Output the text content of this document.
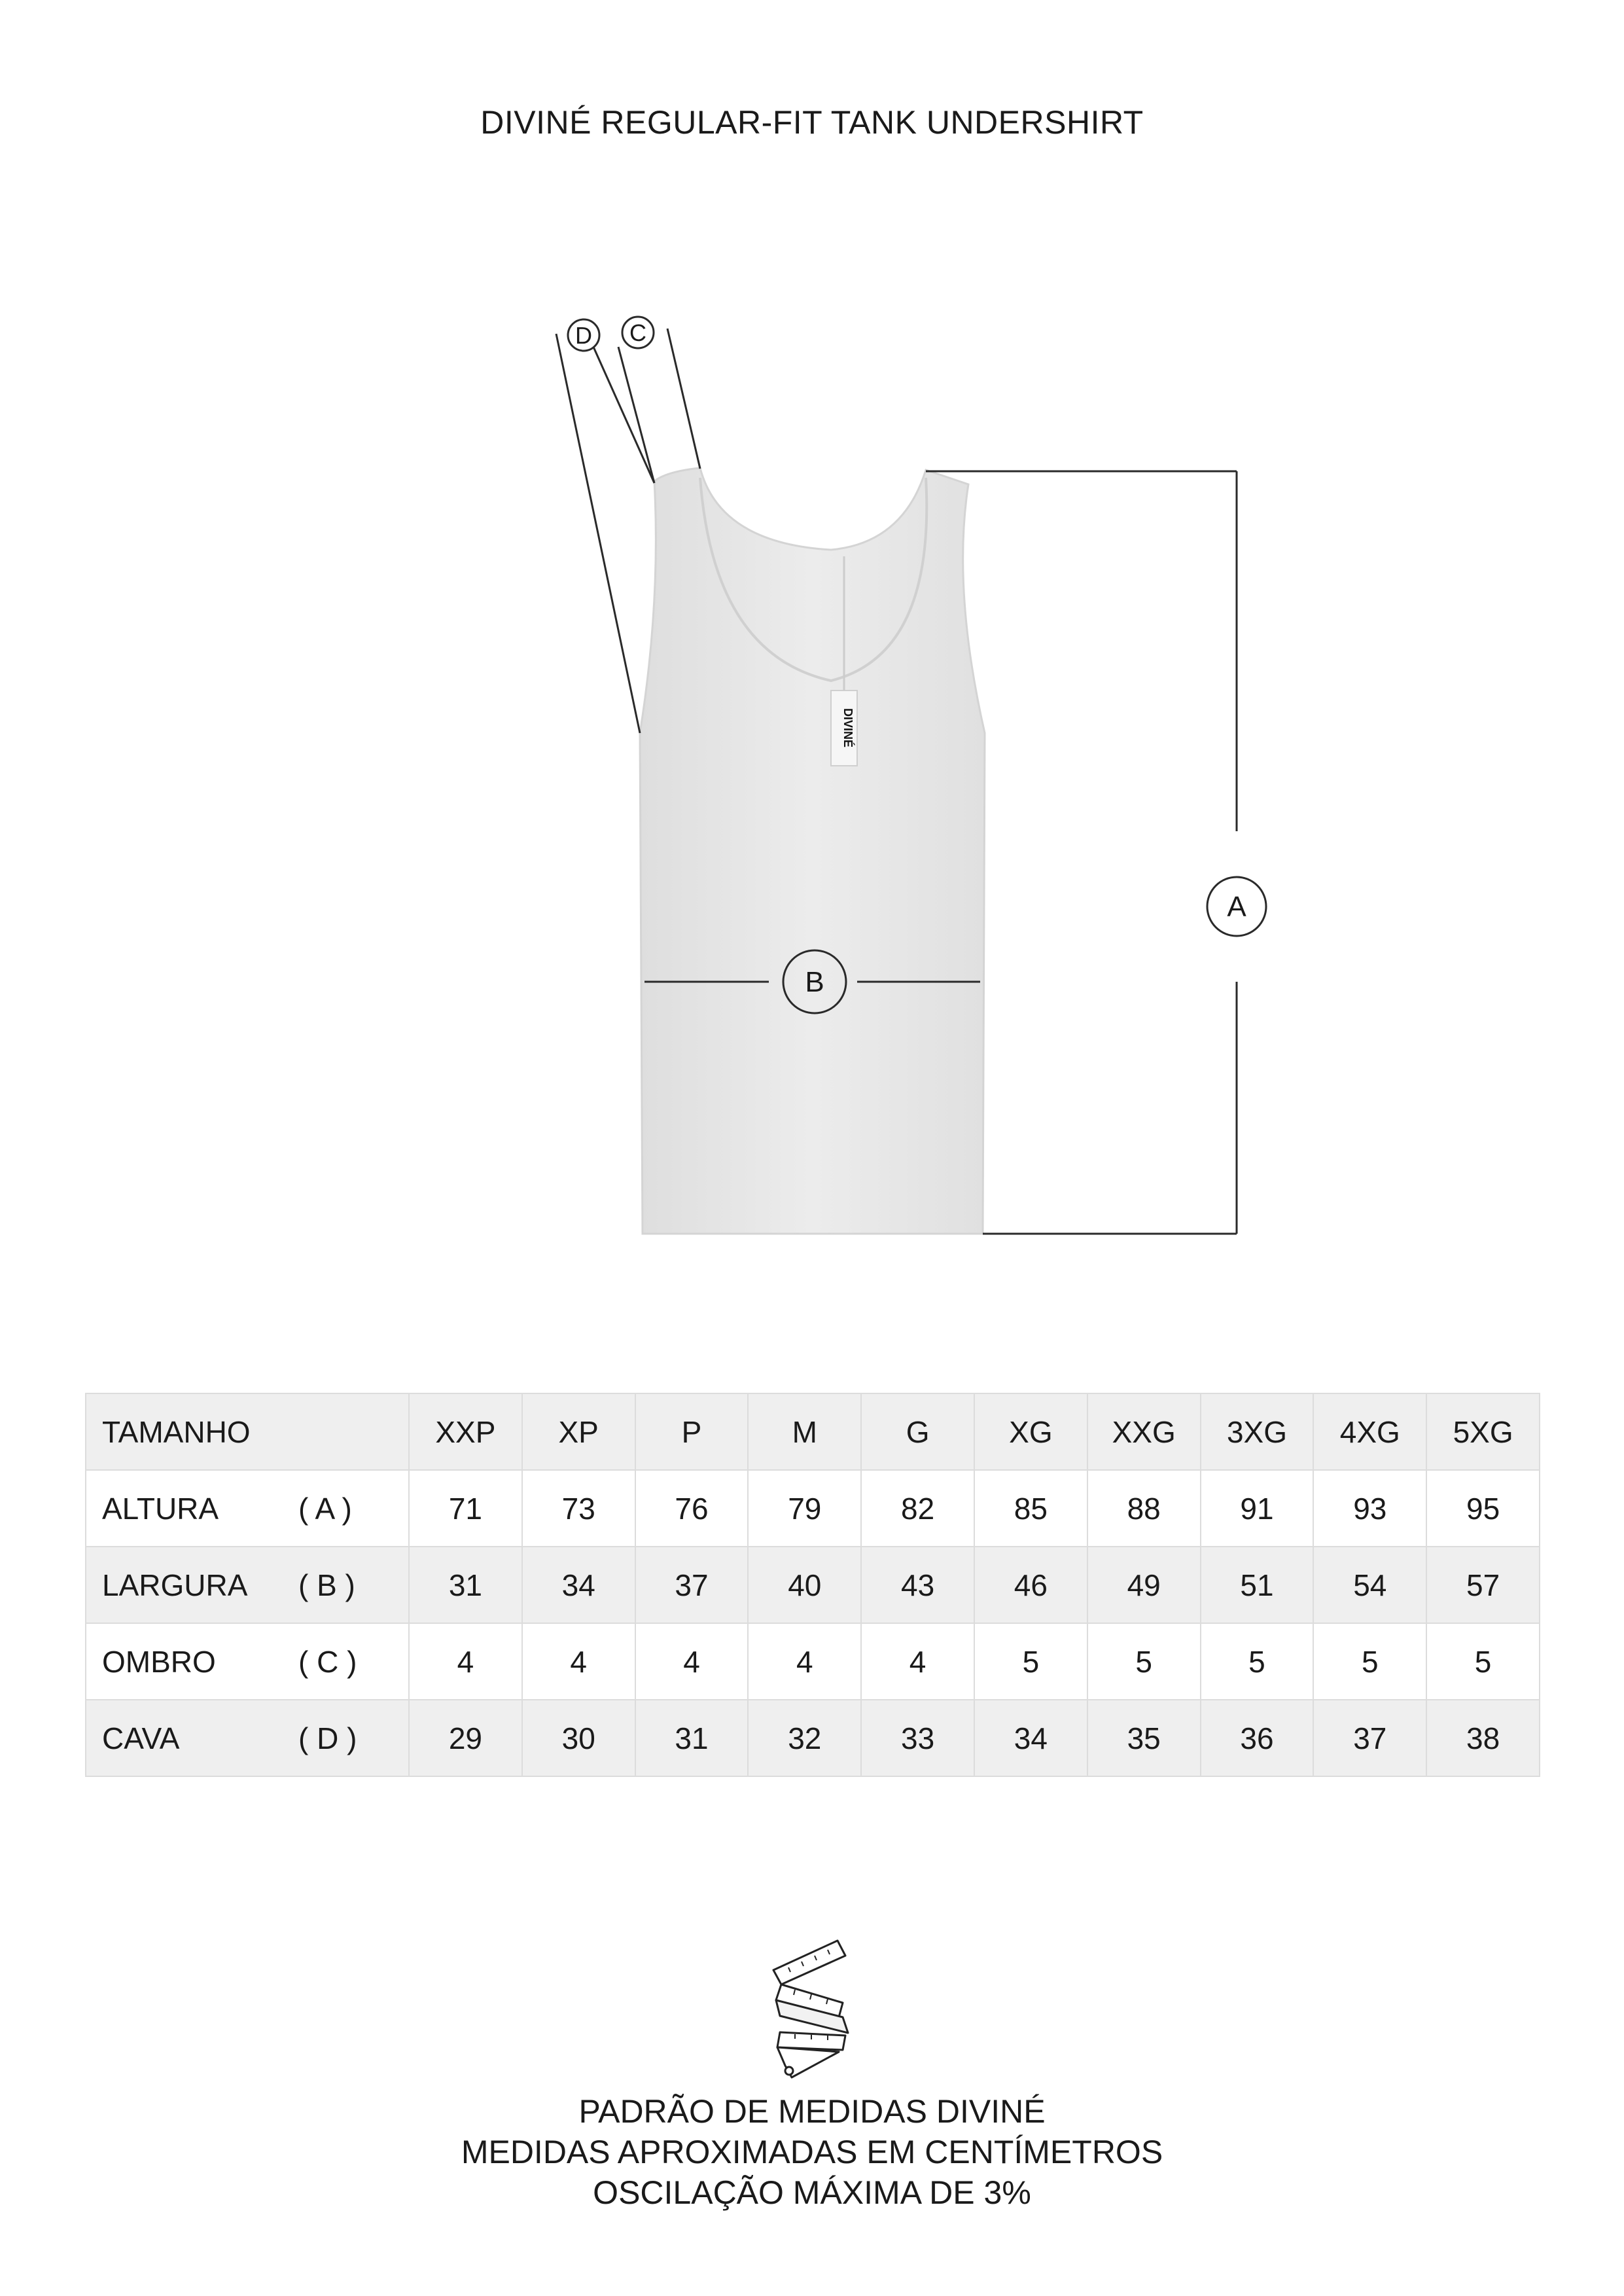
DIVINÉ REGULAR-FIT TANK UNDERSHIRT
DIVINÉ
A
B
C
D
TAMANHO	XXP	XP	P	M	G	XG	XXG	3XG	4XG	5XG
ALTURA ( A )	71	73	76	79	82	85	88	91	93	95
LARGURA ( B )	31	34	37	40	43	46	49	51	54	57
OMBRO ( C )	4	4	4	4	4	5	5	5	5	5
CAVA ( D )	29	30	31	32	33	34	35	36	37	38
PADRÃO DE MEDIDAS DIVINÉ
MEDIDAS APROXIMADAS EM CENTÍMETROS
OSCILAÇÃO MÁXIMA DE 3%
